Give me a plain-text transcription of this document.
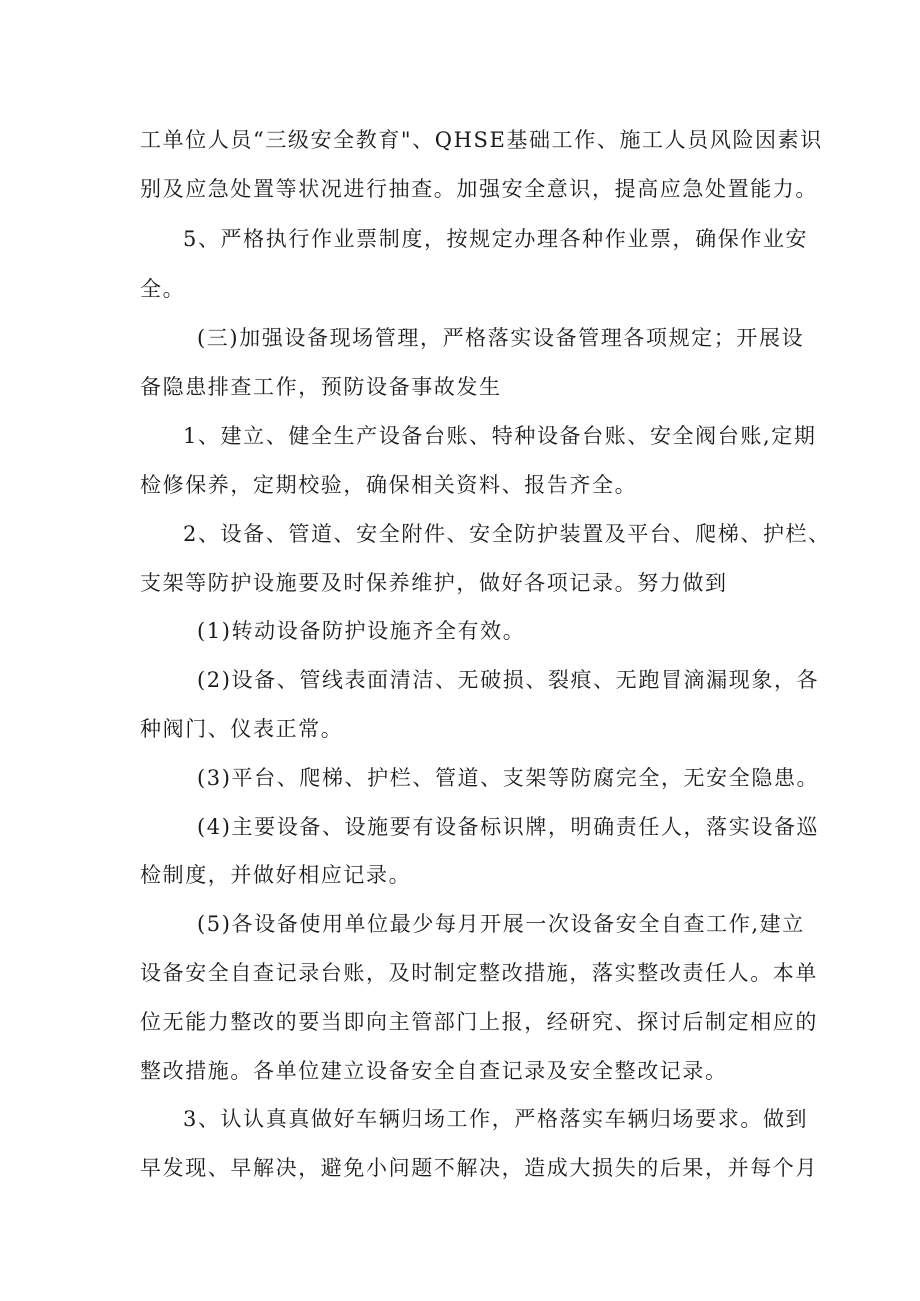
工单位人员“三级安全教育"、QHSE基础工作、施工人员风险因素识
别及应急处置等状况进行抽查。加强安全意识，提高应急处置能力。
5、严格执行作业票制度，按规定办理各种作业票，确保作业安
全。
(三)加强设备现场管理，严格落实设备管理各项规定；开展设
备隐患排查工作，预防设备事故发生
1、建立、健全生产设备台账、特种设备台账、安全阀台账,定期
检修保养，定期校验，确保相关资料、报告齐全。
2、设备、管道、安全附件、安全防护装置及平台、爬梯、护栏、
支架等防护设施要及时保养维护，做好各项记录。努力做到
(1)转动设备防护设施齐全有效。
(2)设备、管线表面清洁、无破损、裂痕、无跑冒滴漏现象，各
种阀门、仪表正常。
(3)平台、爬梯、护栏、管道、支架等防腐完全，无安全隐患。
(4)主要设备、设施要有设备标识牌，明确责任人，落实设备巡
检制度，并做好相应记录。
(5)各设备使用单位最少每月开展一次设备安全自查工作,建立
设备安全自查记录台账，及时制定整改措施，落实整改责任人。本单
位无能力整改的要当即向主管部门上报，经研究、探讨后制定相应的
整改措施。各单位建立设备安全自查记录及安全整改记录。
3、认认真真做好车辆归场工作，严格落实车辆归场要求。做到
早发现、早解决，避免小问题不解决，造成大损失的后果，并每个月
